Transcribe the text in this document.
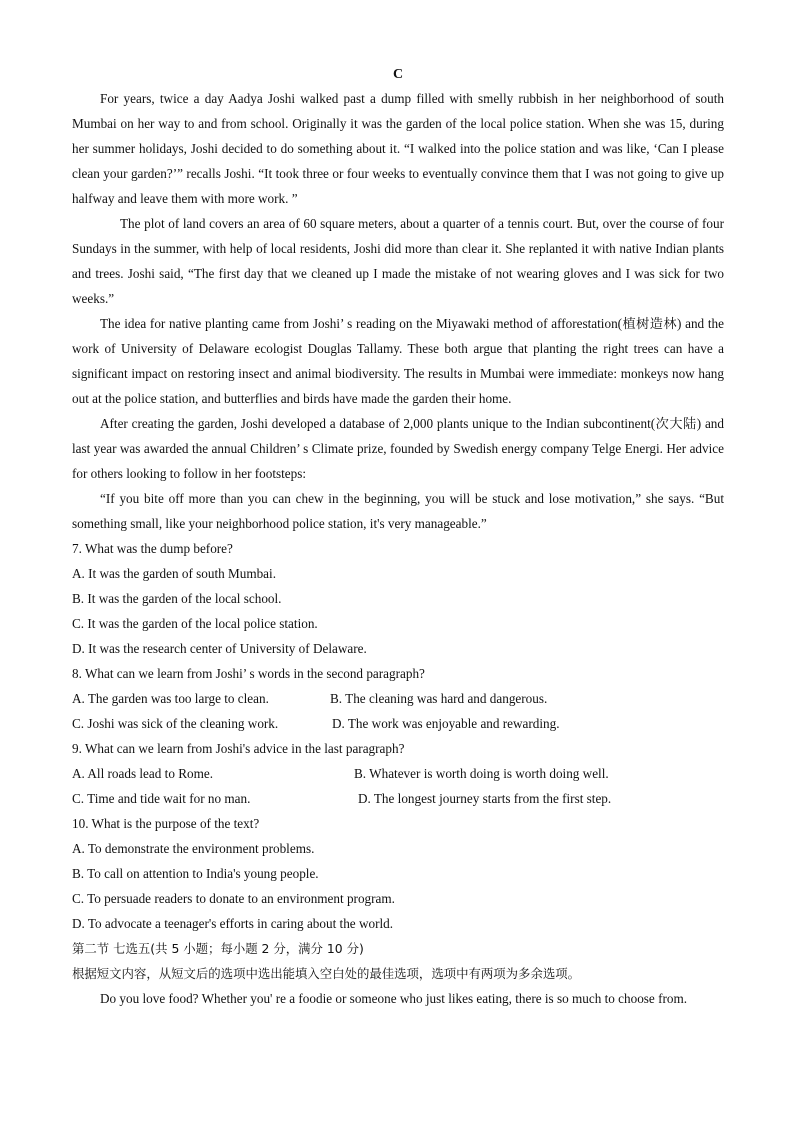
C

For years, twice a day Aadya Joshi walked past a dump filled with smelly rubbish in her neighborhood of south Mumbai on her way to and from school. Originally it was the garden of the local police station. When she was 15, during her summer holidays, Joshi decided to do something about it. “I walked into the police station and was like, ‘Can I please clean your garden?’” recalls Joshi. “It took three or four weeks to eventually convince them that I was not going to give up halfway and leave them with more work. ”

The plot of land covers an area of 60 square meters, about a quarter of a tennis court. But, over the course of four Sundays in the summer, with help of local residents, Joshi did more than clear it. She replanted it with native Indian plants and trees. Joshi said, “The first day that we cleaned up I made the mistake of not wearing gloves and I was sick for two weeks.”

The idea for native planting came from Joshi’ s reading on the Miyawaki method of afforestation(植树造林) and the work of University of Delaware ecologist Douglas Tallamy. These both argue that planting the right trees can have a significant impact on restoring insect and animal biodiversity. The results in Mumbai were immediate: monkeys now hang out at the police station, and butterflies and birds have made the garden their home.

After creating the garden, Joshi developed a database of 2,000 plants unique to the Indian subcontinent(次大陆) and last year was awarded the annual Children’ s Climate prize, founded by Swedish energy company Telge Energi. Her advice for others looking to follow in her footsteps:

“If you bite off more than you can chew in the beginning, you will be stuck and lose motivation,” she says. “But something small, like your neighborhood police station, it's very manageable.”

7. What was the dump before?
A. It was the garden of south Mumbai.
B. It was the garden of the local school.
C. It was the garden of the local police station.
D. It was the research center of University of Delaware.
8. What can we learn from Joshi’ s words in the second paragraph?
A. The garden was too large to clean.	B. The cleaning was hard and dangerous.
C. Joshi was sick of the cleaning work.	D. The work was enjoyable and rewarding.
9. What can we learn from Joshi's advice in the last paragraph?
A. All roads lead to Rome.	B. Whatever is worth doing is worth doing well.
C. Time and tide wait for no man.	D. The longest journey starts from the first step.
10. What is the purpose of the text?
A. To demonstrate the environment problems.
B. To call on attention to India's young people.
C. To persuade readers to donate to an environment program.
D. To advocate a teenager's efforts in caring about the world.
第二节 七选五(共 5 小题；每小题 2 分，满分 10 分)
根据短文内容，从短文后的选项中选出能填入空白处的最佳选项，选项中有两项为多余选项。

Do you love food? Whether you' re a foodie or someone who just likes eating, there is so much to choose from.
